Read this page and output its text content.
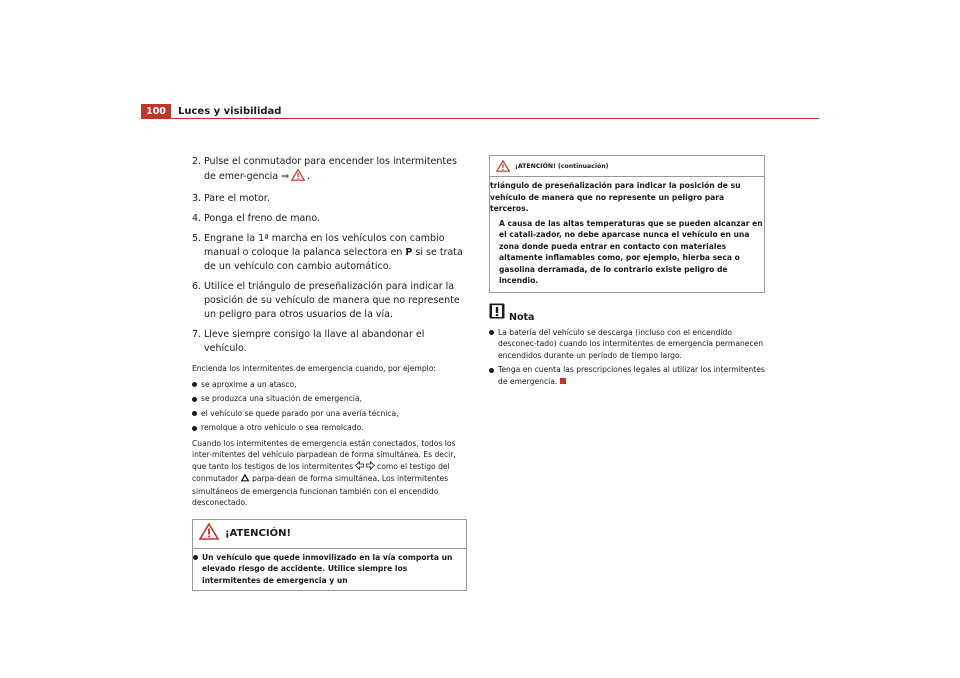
100	Luces y visibilidad
2. Pulse el conmutador para encender los intermitentes de emer-gencia ⇒ .
3. Pare el motor.
4. Ponga el freno de mano.
5. Engrane la 1ª marcha en los vehículos con cambio manual o coloque la palanca selectora en P si se trata de un vehículo con cambio automático.
6. Utilice el triángulo de preseñalización para indicar la posición de su vehículo de manera que no represente un peligro para otros usuarios de la vía.
7. Lleve siempre consigo la llave al abandonar el vehículo.

Encienda los intermitentes de emergencia cuando, por ejemplo:

se aproxime a un atasco,
se produzca una situación de emergencia,
el vehículo se quede parado por una avería técnica,
remolque a otro vehículo o sea remolcado.

Cuando los intermitentes de emergencia están conectados, todos los inter-mitentes del vehículo parpadean de forma simultánea. Es decir, que tanto los testigos de los intermitentes	como el testigo del conmutador parpa-dean de forma simultánea. Los intermitentes simultáneos de emergencia funcionan también con el encendido desconectado.

¡ATENCIÓN!
Un vehículo que quede inmovilizado en la vía comporta un elevado riesgo de accidente. Utilice siempre los intermitentes de emergencia y un
¡ATENCIÓN! (continuación)
triángulo de preseñalización para indicar la posición de su vehículo de manera que no represente un peligro para terceros.
A causa de las altas temperaturas que se pueden alcanzar en el catali-zador, no debe aparcase nunca el vehículo en una zona donde pueda entrar en contacto con materiales altamente inflamables como, por ejemplo, hierba seca o gasolina derramada, de lo contrario existe peligro de incendio.
Nota
La batería del vehículo se descarga (incluso con el encendido desconec-tado) cuando los intermitentes de emergencia permanecen encendidos durante un período de tiempo largo.
Tenga en cuenta las prescripciones legales al utilizar los intermitentes de emergencia.
